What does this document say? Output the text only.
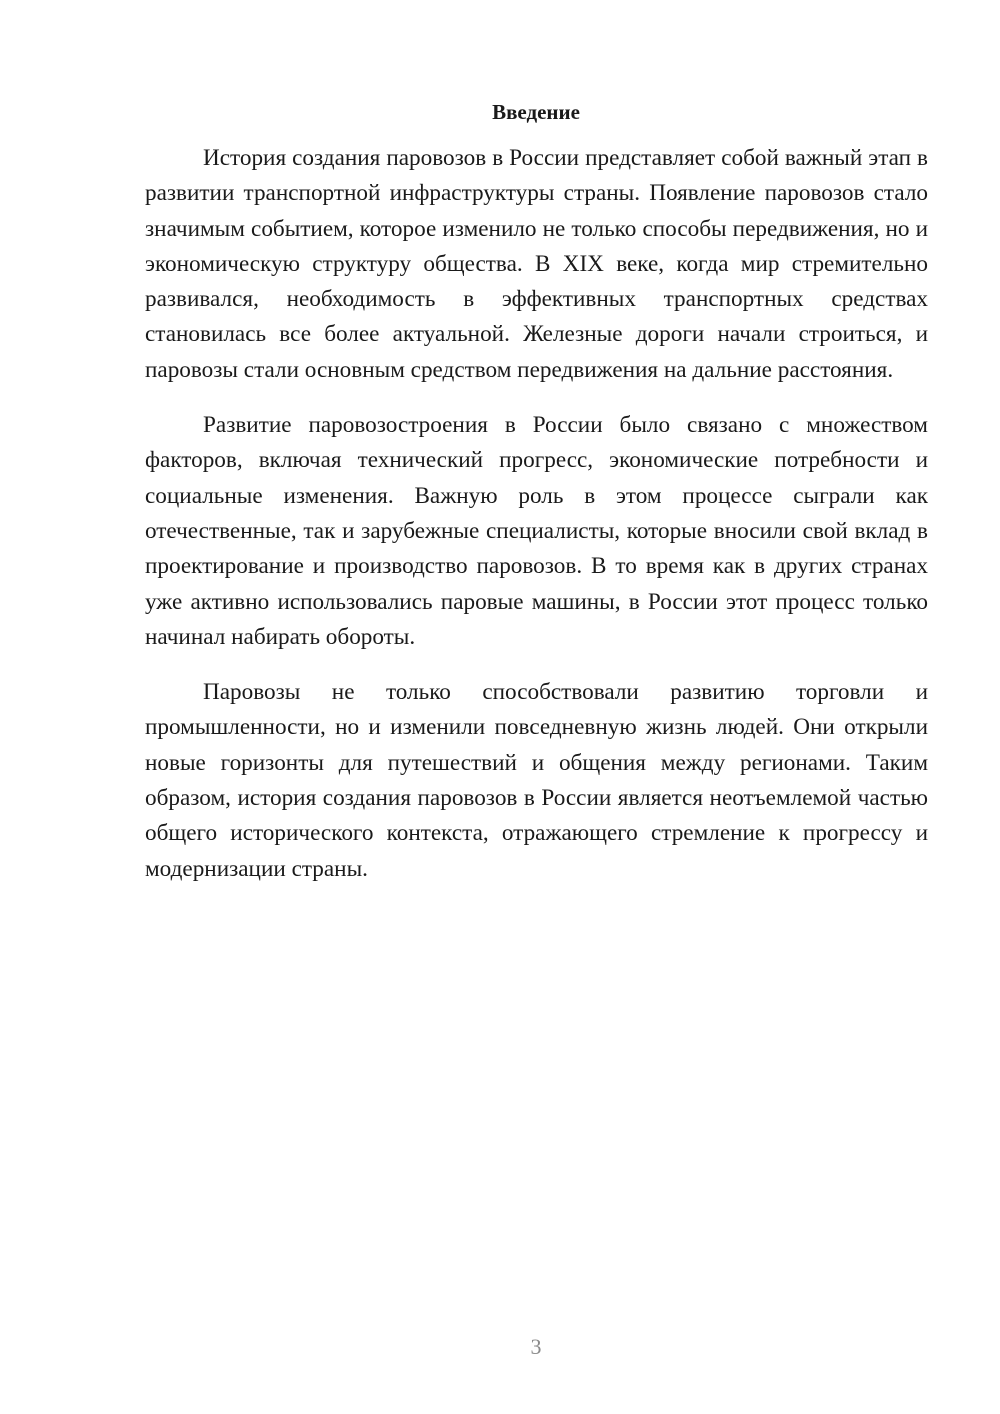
Введение

История создания паровозов в России представляет собой важный этап в развитии транспортной инфраструктуры страны. Появление паровозов стало значимым событием, которое изменило не только способы передвижения, но и экономическую структуру общества. В XIX веке, когда мир стремительно развивался, необходимость в эффективных транспортных средствах становилась все более актуальной. Железные дороги начали строиться, и паровозы стали основным средством передвижения на дальние расстояния.

Развитие паровозостроения в России было связано с множеством факторов, включая технический прогресс, экономические потребности и социальные изменения. Важную роль в этом процессе сыграли как отечественные, так и зарубежные специалисты, которые вносили свой вклад в проектирование и производство паровозов. В то время как в других странах уже активно использовались паровые машины, в России этот процесс только начинал набирать обороты.

Паровозы не только способствовали развитию торговли и промышленности, но и изменили повседневную жизнь людей. Они открыли новые горизонты для путешествий и общения между регионами. Таким образом, история создания паровозов в России является неотъемлемой частью общего исторического контекста, отражающего стремление к прогрессу и модернизации страны.

3
